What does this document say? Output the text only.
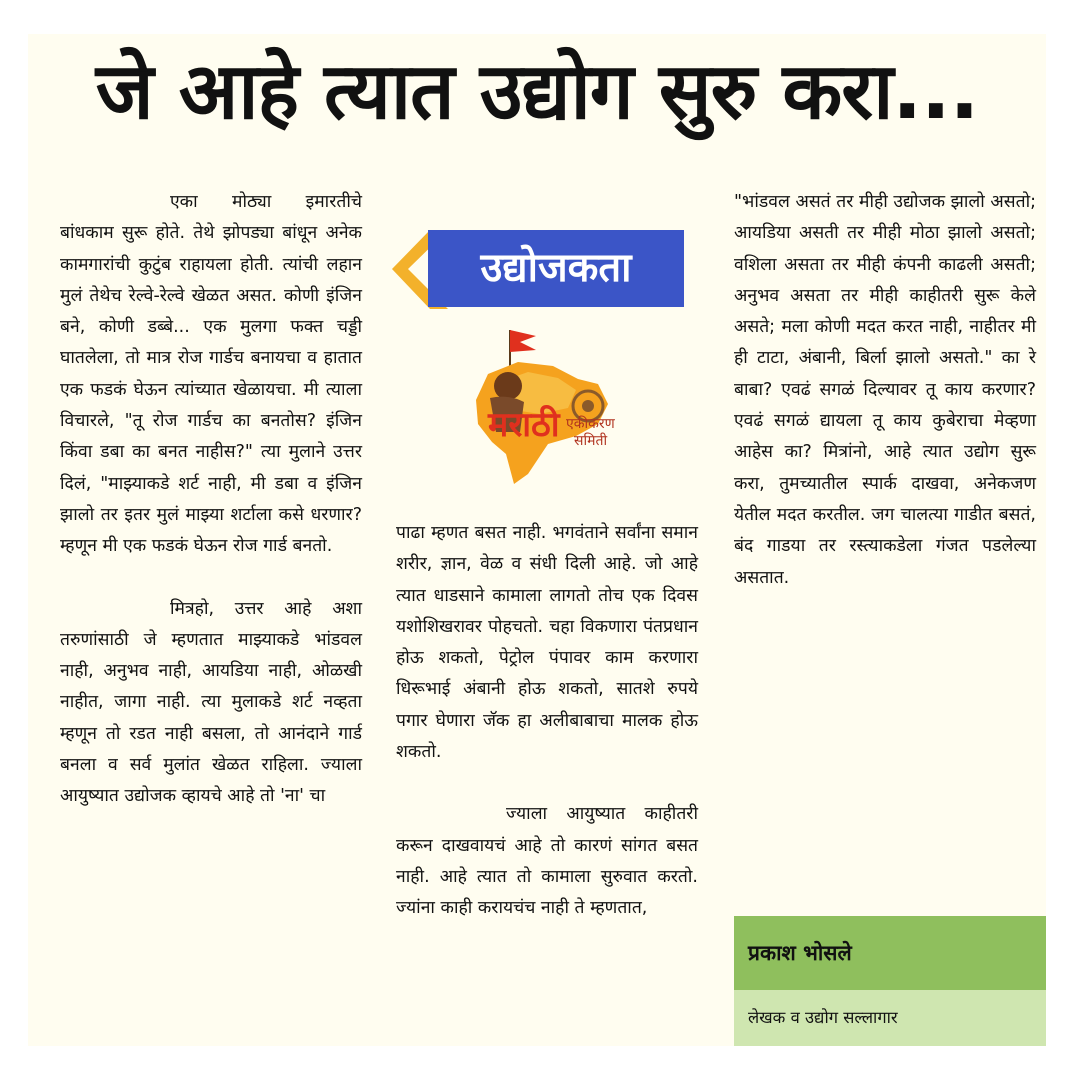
जे आहे त्यात उद्योग सुरु करा...

एका मोठ्या इमारतीचे बांधकाम सुरू होते. तेथे झोपड्या बांधून अनेक कामगारांची कुटुंब राहायला होती. त्यांची लहान मुलं तेथेच रेल्वे-रेल्वे खेळत असत. कोणी इंजिन बने, कोणी डब्बे... एक मुलगा फक्त चड्डी घातलेला, तो मात्र रोज गार्डच बनायचा व हातात एक फडकं घेऊन त्यांच्यात खेळायचा. मी त्याला विचारले, "तू रोज गार्डच का बनतोस? इंजिन किंवा डबा का बनत नाहीस?" त्या मुलाने उत्तर दिलं, "माझ्याकडे शर्ट नाही, मी डबा व इंजिन झालो तर इतर मुलं माझ्या शर्टाला कसे धरणार? म्हणून मी एक फडकं घेऊन रोज गार्ड बनतो.

मित्रहो, उत्तर आहे अशा तरुणांसाठी जे म्हणतात माझ्याकडे भांडवल नाही, अनुभव नाही, आयडिया नाही, ओळखी नाहीत, जागा नाही. त्या मुलाकडे शर्ट नव्हता म्हणून तो रडत नाही बसला, तो आनंदाने गार्ड बनला व सर्व मुलांत खेळत राहिला. ज्याला आयुष्यात उद्योजक व्हायचे आहे तो 'ना' चा

उद्योजकता
मराठी एकीकरण
समिती

पाढा म्हणत बसत नाही. भगवंताने सर्वांना समान शरीर, ज्ञान, वेळ व संधी दिली आहे. जो आहे त्यात धाडसाने कामाला लागतो तोच एक दिवस यशोशिखरावर पोहचतो. चहा विकणारा पंतप्रधान होऊ शकतो, पेट्रोल पंपावर काम करणारा धिरूभाई अंबानी होऊ शकतो, सातशे रुपये पगार घेणारा जॅक हा अलीबाबाचा मालक होऊ शकतो.

ज्याला आयुष्यात काहीतरी करून दाखवायचं आहे तो कारणं सांगत बसत नाही. आहे त्यात तो कामाला सुरुवात करतो. ज्यांना काही करायचंच नाही ते म्हणतात,

"भांडवल असतं तर मीही उद्योजक झालो असतो; आयडिया असती तर मीही मोठा झालो असतो; वशिला असता तर मीही कंपनी काढली असती; अनुभव असता तर मीही काहीतरी सुरू केले असते; मला कोणी मदत करत नाही, नाहीतर मी ही टाटा, अंबानी, बिर्ला झालो असतो." का रे बाबा? एवढं सगळं दिल्यावर तू काय करणार? एवढं सगळं द्यायला तू काय कुबेराचा मेव्हणा आहेस का? मित्रांनो, आहे त्यात उद्योग सुरू करा, तुमच्यातील स्पार्क दाखवा, अनेकजण येतील मदत करतील. जग चालत्या गाडीत बसतं, बंद गाडया तर रस्त्याकडेला गंजत पडलेल्या असतात.

प्रकाश भोसले
लेखक व उद्योग सल्लागार
